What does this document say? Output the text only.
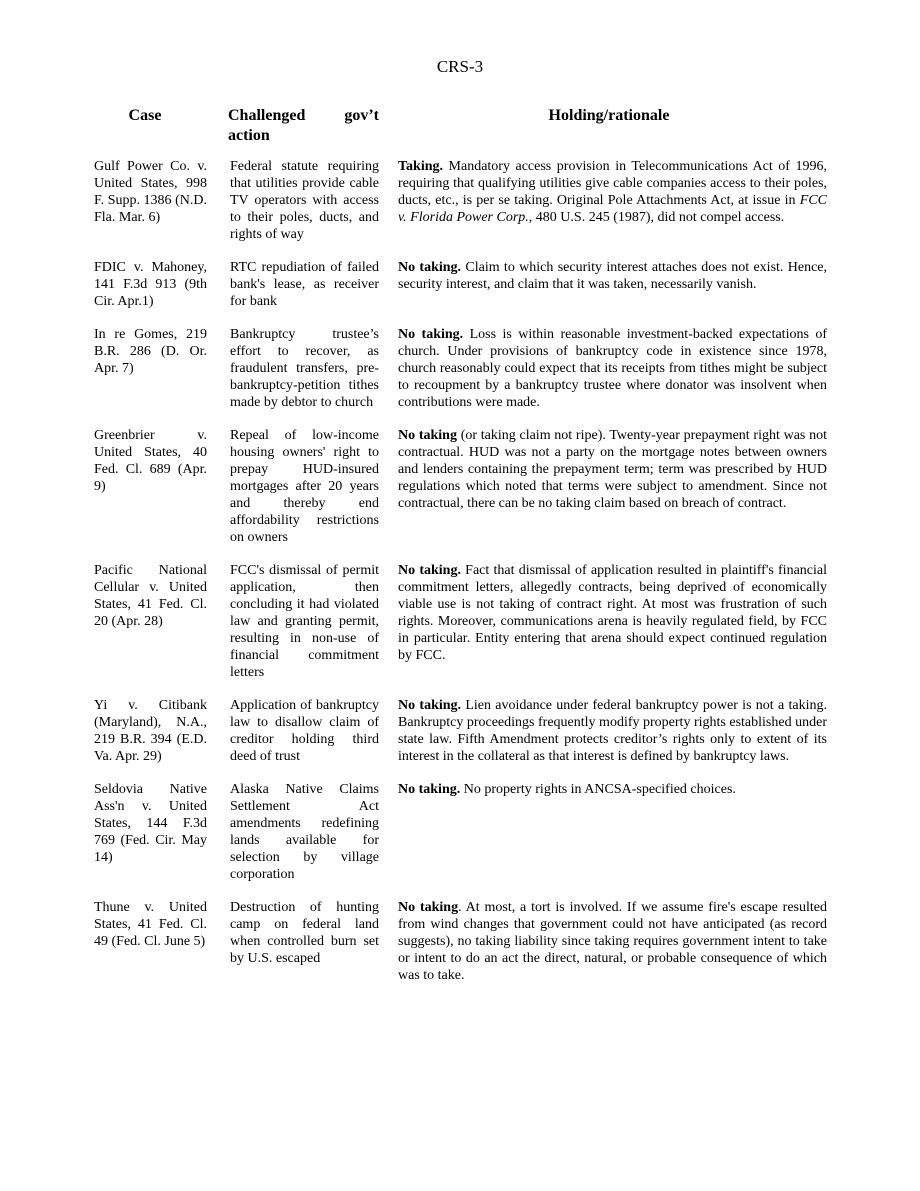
CRS-3
Case	Challenged gov’t action	Holding/rationale
Gulf Power Co. v. United States, 998 F. Supp. 1386 (N.D. Fla. Mar. 6)	Federal statute requiring that utilities provide cable TV operators with access to their poles, ducts, and rights of way	Taking. Mandatory access provision in Telecommunications Act of 1996, requiring that qualifying utilities give cable companies access to their poles, ducts, etc., is per se taking. Original Pole Attachments Act, at issue in FCC v. Florida Power Corp., 480 U.S. 245 (1987), did not compel access.
FDIC v. Mahoney, 141 F.3d 913 (9th Cir. Apr.1)	RTC repudiation of failed bank's lease, as receiver for bank	No taking. Claim to which security interest attaches does not exist. Hence, security interest, and claim that it was taken, necessarily vanish.
In re Gomes, 219 B.R. 286 (D. Or. Apr. 7)	Bankruptcy trustee’s effort to recover, as fraudulent transfers, pre-bankruptcy-petition tithes made by debtor to church	No taking. Loss is within reasonable investment-backed expectations of church. Under provisions of bankruptcy code in existence since 1978, church reasonably could expect that its receipts from tithes might be subject to recoupment by a bankruptcy trustee where donator was insolvent when contributions were made.
Greenbrier v. United States, 40 Fed. Cl. 689 (Apr. 9)	Repeal of low-income housing owners' right to prepay HUD-insured mortgages after 20 years and thereby end affordability restrictions on owners	No taking (or taking claim not ripe). Twenty-year prepayment right was not contractual. HUD was not a party on the mortgage notes between owners and lenders containing the prepayment term; term was prescribed by HUD regulations which noted that terms were subject to amendment. Since not contractual, there can be no taking claim based on breach of contract.
Pacific National Cellular v. United States, 41 Fed. Cl. 20 (Apr. 28)	FCC's dismissal of permit application, then concluding it had violated law and granting permit, resulting in non-use of financial commitment letters	No taking. Fact that dismissal of application resulted in plaintiff's financial commitment letters, allegedly contracts, being deprived of economically viable use is not taking of contract right. At most was frustration of such rights. Moreover, communications arena is heavily regulated field, by FCC in particular. Entity entering that arena should expect continued regulation by FCC.
Yi v. Citibank (Maryland), N.A., 219 B.R. 394 (E.D. Va. Apr. 29)	Application of bankruptcy law to disallow claim of creditor holding third deed of trust	No taking. Lien avoidance under federal bankruptcy power is not a taking. Bankruptcy proceedings frequently modify property rights established under state law. Fifth Amendment protects creditor’s rights only to extent of its interest in the collateral as that interest is defined by bankruptcy laws.
Seldovia Native Ass'n v. United States, 144 F.3d 769 (Fed. Cir. May 14)	Alaska Native Claims Settlement Act amendments redefining lands available for selection by village corporation	No taking. No property rights in ANCSA-specified choices.
Thune v. United States, 41 Fed. Cl. 49 (Fed. Cl. June 5)	Destruction of hunting camp on federal land when controlled burn set by U.S. escaped	No taking. At most, a tort is involved. If we assume fire's escape resulted from wind changes that government could not have anticipated (as record suggests), no taking liability since taking requires government intent to take or intent to do an act the direct, natural, or probable consequence of which was to take.
